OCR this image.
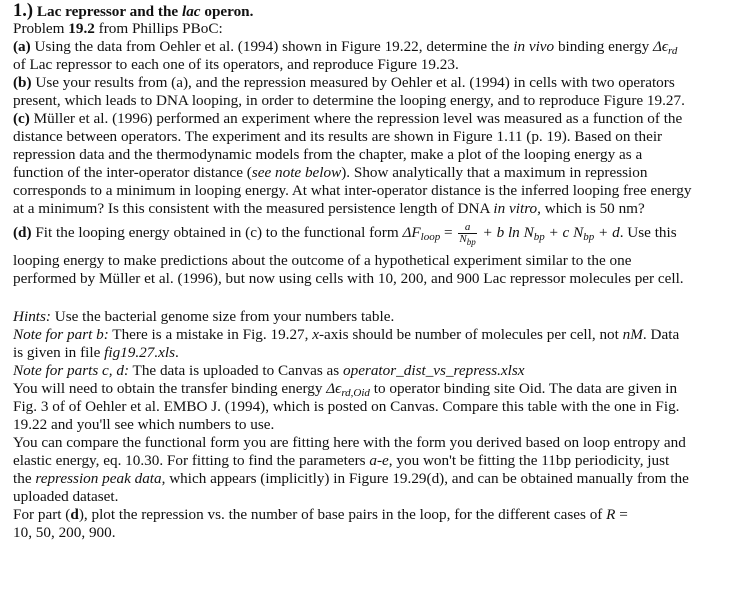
1.) Lac repressor and the lac operon.
Problem 19.2 from Phillips PBoC:
(a) Using the data from Oehler et al. (1994) shown in Figure 19.22, determine the in vivo binding energy $\Delta\epsilon_{rd}$
of Lac repressor to each one of its operators, and reproduce Figure 19.23.
(b) Use your results from (a), and the repression measured by Oehler et al. (1994) in cells with two operators
present, which leads to DNA looping, in order to determine the looping energy, and to reproduce Figure 19.27.
(c) Müller et al. (1996) performed an experiment where the repression level was measured as a function of the
distance between operators. The experiment and its results are shown in Figure 1.11 (p. 19). Based on their
repression data and the thermodynamic models from the chapter, make a plot of the looping energy as a
function of the inter-operator distance (see note below). Show analytically that a maximum in repression
corresponds to a minimum in looping energy. At what inter-operator distance is the inferred looping free energy
at a minimum? Is this consistent with the measured persistence length of DNA in vitro, which is 50 nm?
(d) Fit the looping energy obtained in (c) to the functional form $\Delta F_{loop} = \frac{a}{N_{bp}} + b$ $\ln N_{bp} + c$ $N_{bp} + d$. Use this
looping energy to make predictions about the outcome of a hypothetical experiment similar to the one
performed by Müller et al. (1996), but now using cells with 10, 200, and 900 Lac repressor molecules per cell.
Hints: Use the bacterial genome size from your numbers table.
Note for part b: There is a mistake in Fig. 19.27, x-axis should be number of molecules per cell, not nM. Data
is given in file fig19.27.xls.
Note for parts c, d: The data is uploaded to Canvas as operator_dist_vs_repress.xlsx
You will need to obtain the transfer binding energy $\Delta\epsilon_{rd,Oid}$ to operator binding site Oid. The data are given in
Fig. 3 of of Oehler et al. EMBO J. (1994), which is posted on Canvas. Compare this table with the one in Fig.
19.22 and you'll see which numbers to use.
You can compare the functional form you are fitting here with the form you derived based on loop entropy and
elastic energy, eq. 10.30. For fitting to find the parameters a-e, you won't be fitting the 11bp periodicity, just
the repression peak data, which appears (implicitly) in Figure 19.29(d), and can be obtained manually from the
uploaded dataset.
For part (d), plot the repression vs. the number of base pairs in the loop, for the different cases of R =
10, 50, 200, 900.
